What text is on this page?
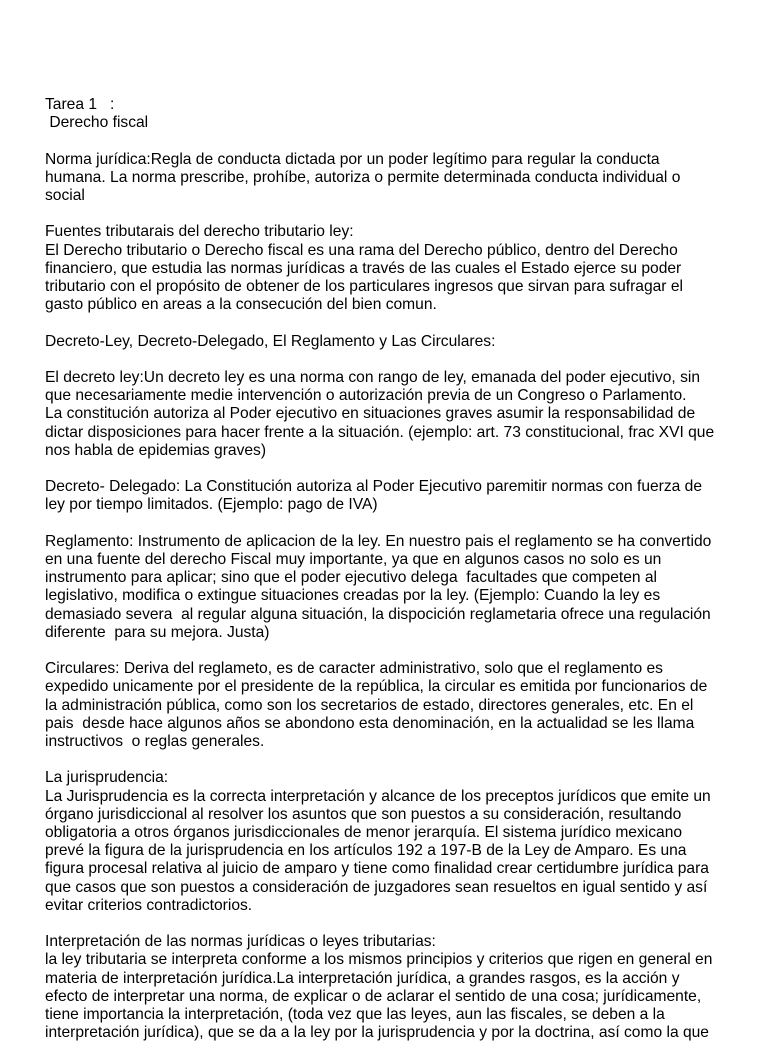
Tarea 1   :
Derecho fiscal
Norma jurídica:Regla de conducta dictada por un poder legítimo para regular la conducta
humana. La norma prescribe, prohíbe, autoriza o permite determinada conducta individual o
social
Fuentes tributarais del derecho tributario ley:
El Derecho tributario o Derecho fiscal es una rama del Derecho público, dentro del Derecho
financiero, que estudia las normas jurídicas a través de las cuales el Estado ejerce su poder
tributario con el propósito de obtener de los particulares ingresos que sirvan para sufragar el
gasto público en areas a la consecución del bien comun.
Decreto-Ley, Decreto-Delegado, El Reglamento y Las Circulares:
El decreto ley:Un decreto ley es una norma con rango de ley, emanada del poder ejecutivo, sin
que necesariamente medie intervención o autorización previa de un Congreso o Parlamento.
La constitución autoriza al Poder ejecutivo en situaciones graves asumir la responsabilidad de
dictar disposiciones para hacer frente a la situación. (ejemplo: art. 73 constitucional, frac XVI que
nos habla de epidemias graves)
Decreto- Delegado: La Constitución autoriza al Poder Ejecutivo paremitir normas con fuerza de
ley por tiempo limitados. (Ejemplo: pago de IVA)
Reglamento: Instrumento de aplicacion de la ley. En nuestro pais el reglamento se ha convertido
en una fuente del derecho Fiscal muy importante, ya que en algunos casos no solo es un
instrumento para aplicar; sino que el poder ejecutivo delega  facultades que competen al
legislativo, modifica o extingue situaciones creadas por la ley. (Ejemplo: Cuando la ley es
demasiado severa  al regular alguna situación, la dispocición reglametaria ofrece una regulación
diferente  para su mejora. Justa)
Circulares: Deriva del reglameto, es de caracter administrativo, solo que el reglamento es
expedido unicamente por el presidente de la república, la circular es emitida por funcionarios de
la administración pública, como son los secretarios de estado, directores generales, etc. En el
pais  desde hace algunos años se abondono esta denominación, en la actualidad se les llama
instructivos  o reglas generales.
La jurisprudencia:
La Jurisprudencia es la correcta interpretación y alcance de los preceptos jurídicos que emite un
órgano jurisdiccional al resolver los asuntos que son puestos a su consideración, resultando
obligatoria a otros órganos jurisdiccionales de menor jerarquía. El sistema jurídico mexicano
prevé la figura de la jurisprudencia en los artículos 192 a 197-B de la Ley de Amparo. Es una
figura procesal relativa al juicio de amparo y tiene como finalidad crear certidumbre jurídica para
que casos que son puestos a consideración de juzgadores sean resueltos en igual sentido y así
evitar criterios contradictorios.
Interpretación de las normas jurídicas o leyes tributarias:
la ley tributaria se interpreta conforme a los mismos principios y criterios que rigen en general en
materia de interpretación jurídica.La interpretación jurídica, a grandes rasgos, es la acción y
efecto de interpretar una norma, de explicar o de aclarar el sentido de una cosa; jurídicamente,
tiene importancia la interpretación, (toda vez que las leyes, aun las fiscales, se deben a la
interpretación jurídica), que se da a la ley por la jurisprudencia y por la doctrina, así como la que
